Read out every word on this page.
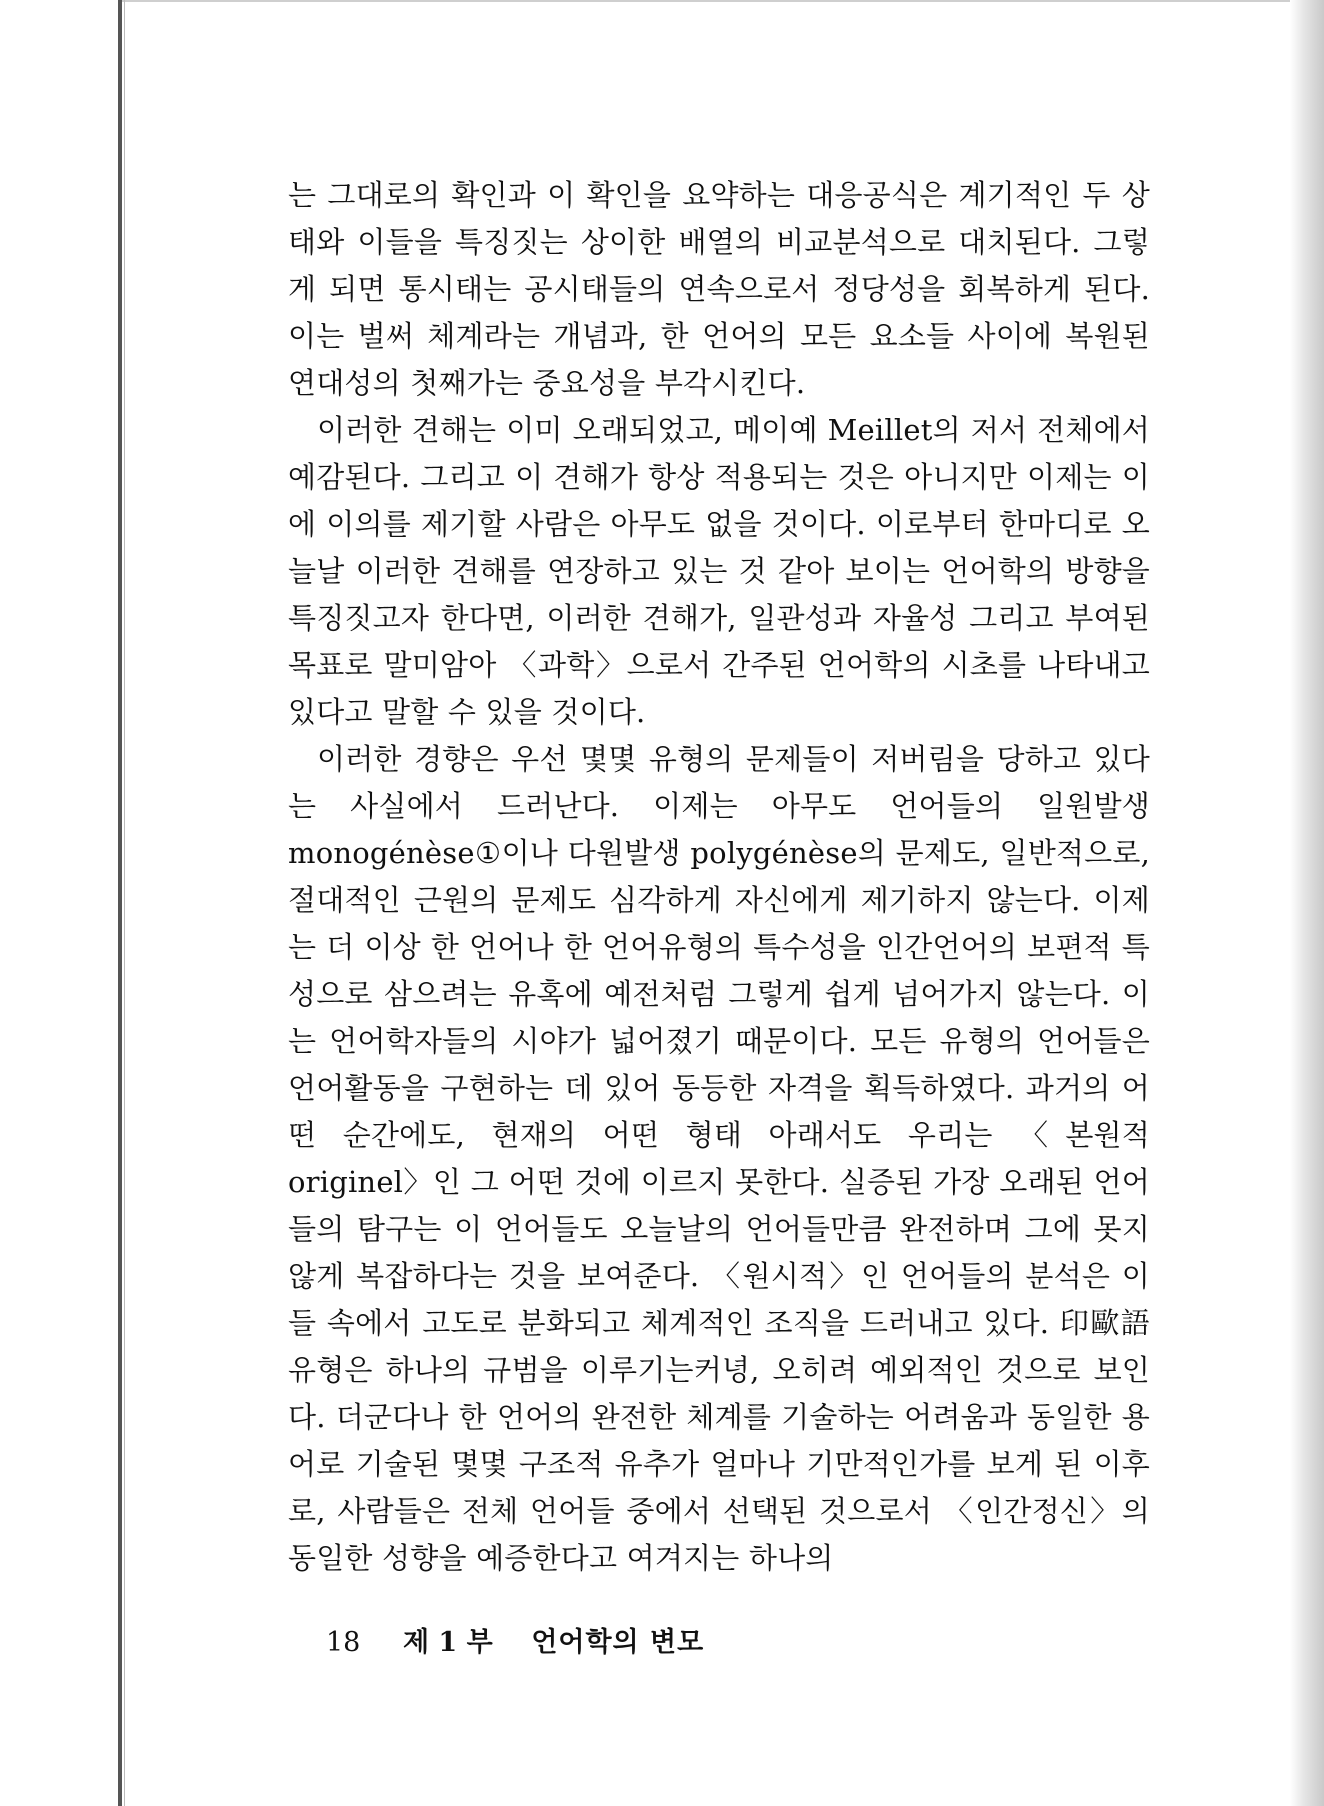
는 그대로의 확인과 이 확인을 요약하는 대응공식은 계기적인 두 상태와 이들을 특징짓는 상이한 배열의 비교분석으로 대치된다. 그렇게 되면 통시태는 공시태들의 연속으로서 정당성을 회복하게 된다. 이는 벌써 체계라는 개념과, 한 언어의 모든 요소들 사이에 복원된 연대성의 첫째가는 중요성을 부각시킨다.

이러한 견해는 이미 오래되었고, 메이예 Meillet의 저서 전체에서 예감된다. 그리고 이 견해가 항상 적용되는 것은 아니지만 이제는 이에 이의를 제기할 사람은 아무도 없을 것이다. 이로부터 한마디로 오늘날 이러한 견해를 연장하고 있는 것 같아 보이는 언어학의 방향을 특징짓고자 한다면, 이러한 견해가, 일관성과 자율성 그리고 부여된 목표로 말미암아 〈과학〉으로서 간주된 언어학의 시초를 나타내고 있다고 말할 수 있을 것이다.

이러한 경향은 우선 몇몇 유형의 문제들이 저버림을 당하고 있다는 사실에서 드러난다. 이제는 아무도 언어들의 일원발생 monogénèse①이나 다원발생 polygénèse의 문제도, 일반적으로, 절대적인 근원의 문제도 심각하게 자신에게 제기하지 않는다. 이제는 더 이상 한 언어나 한 언어유형의 특수성을 인간언어의 보편적 특성으로 삼으려는 유혹에 예전처럼 그렇게 쉽게 넘어가지 않는다. 이는 언어학자들의 시야가 넓어졌기 때문이다. 모든 유형의 언어들은 언어활동을 구현하는 데 있어 동등한 자격을 획득하였다. 과거의 어떤 순간에도, 현재의 어떤 형태 아래서도 우리는 〈본원적 originel〉인 그 어떤 것에 이르지 못한다. 실증된 가장 오래된 언어들의 탐구는 이 언어들도 오늘날의 언어들만큼 완전하며 그에 못지않게 복잡하다는 것을 보여준다. 〈원시적〉인 언어들의 분석은 이들 속에서 고도로 분화되고 체계적인 조직을 드러내고 있다. 印歐語 유형은 하나의 규범을 이루기는커녕, 오히려 예외적인 것으로 보인다. 더군다나 한 언어의 완전한 체계를 기술하는 어려움과 동일한 용어로 기술된 몇몇 구조적 유추가 얼마나 기만적인가를 보게 된 이후로, 사람들은 전체 언어들 중에서 선택된 것으로서 〈인간정신〉의 동일한 성향을 예증한다고 여겨지는 하나의

18 제 1 부 언어학의 변모
